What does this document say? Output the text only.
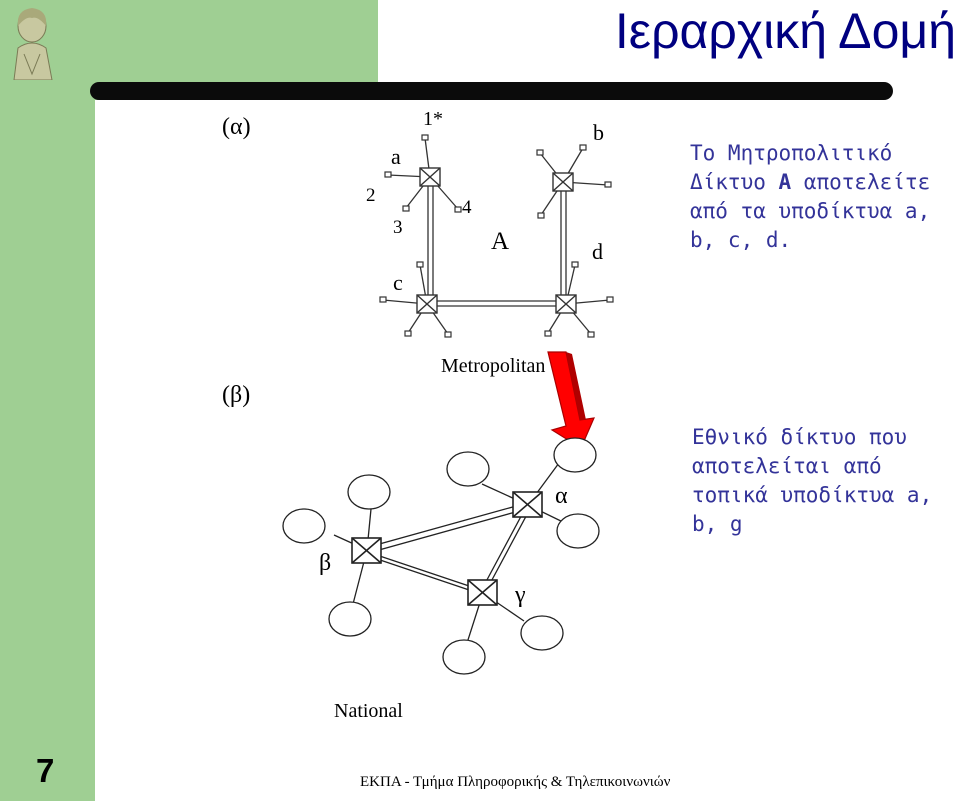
Ιεραρχική Δομή
7	ΕΚΠΑ - Τμήμα Πληροφορικής & Τηλεπικοινωνιών
(α)
a
1*
b
2
3
4
A	d
c
Το Μητροπολιτικό
Δίκτυο A αποτελείτε
από τα υποδίκτυα a,
b, c, d.
(β)
Metropolitan
National
α
β
γ
Εθνικό δίκτυο που
αποτελείται από
τοπικά υποδίκτυα a,
b, g
